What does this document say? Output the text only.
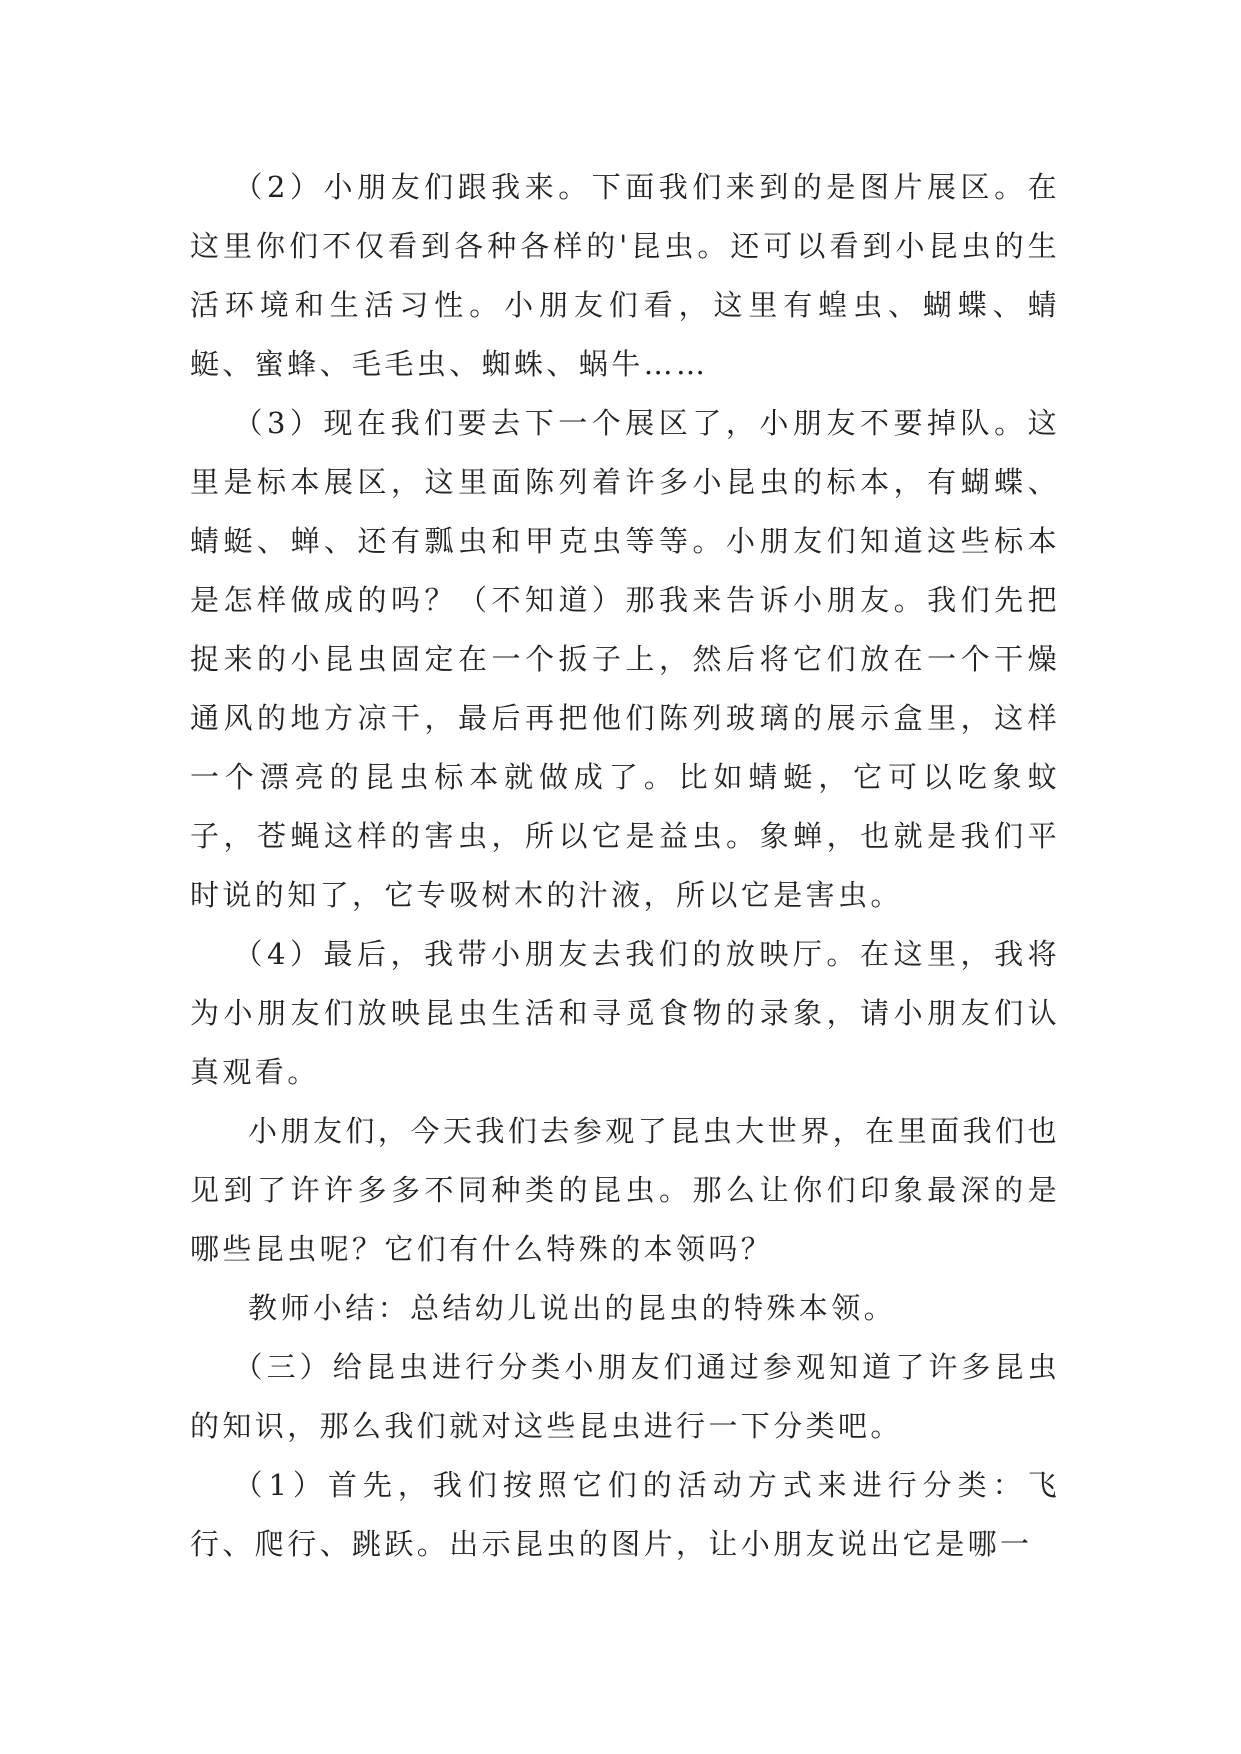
（2）小朋友们跟我来。下面我们来到的是图片展区。在这里你们不仅看到各种各样的'昆虫。还可以看到小昆虫的生活环境和生活习性。小朋友们看，这里有蝗虫、蝴蝶、蜻蜓、蜜蜂、毛毛虫、蜘蛛、蜗牛……

（3）现在我们要去下一个展区了，小朋友不要掉队。这里是标本展区，这里面陈列着许多小昆虫的标本，有蝴蝶、蜻蜓、蝉、还有瓢虫和甲克虫等等。小朋友们知道这些标本是怎样做成的吗？（不知道）那我来告诉小朋友。我们先把捉来的小昆虫固定在一个扳子上，然后将它们放在一个干燥通风的地方凉干，最后再把他们陈列玻璃的展示盒里，这样一个漂亮的昆虫标本就做成了。比如蜻蜓，它可以吃象蚊子，苍蝇这样的害虫，所以它是益虫。象蝉，也就是我们平时说的知了，它专吸树木的汁液，所以它是害虫。

（4）最后，我带小朋友去我们的放映厅。在这里，我将为小朋友们放映昆虫生活和寻觅食物的录象，请小朋友们认真观看。

小朋友们，今天我们去参观了昆虫大世界，在里面我们也见到了许许多多不同种类的昆虫。那么让你们印象最深的是哪些昆虫呢？它们有什么特殊的本领吗？

教师小结：总结幼儿说出的昆虫的特殊本领。

（三）给昆虫进行分类小朋友们通过参观知道了许多昆虫的知识，那么我们就对这些昆虫进行一下分类吧。

（1）首先，我们按照它们的活动方式来进行分类：飞行、爬行、跳跃。出示昆虫的图片，让小朋友说出它是哪一
